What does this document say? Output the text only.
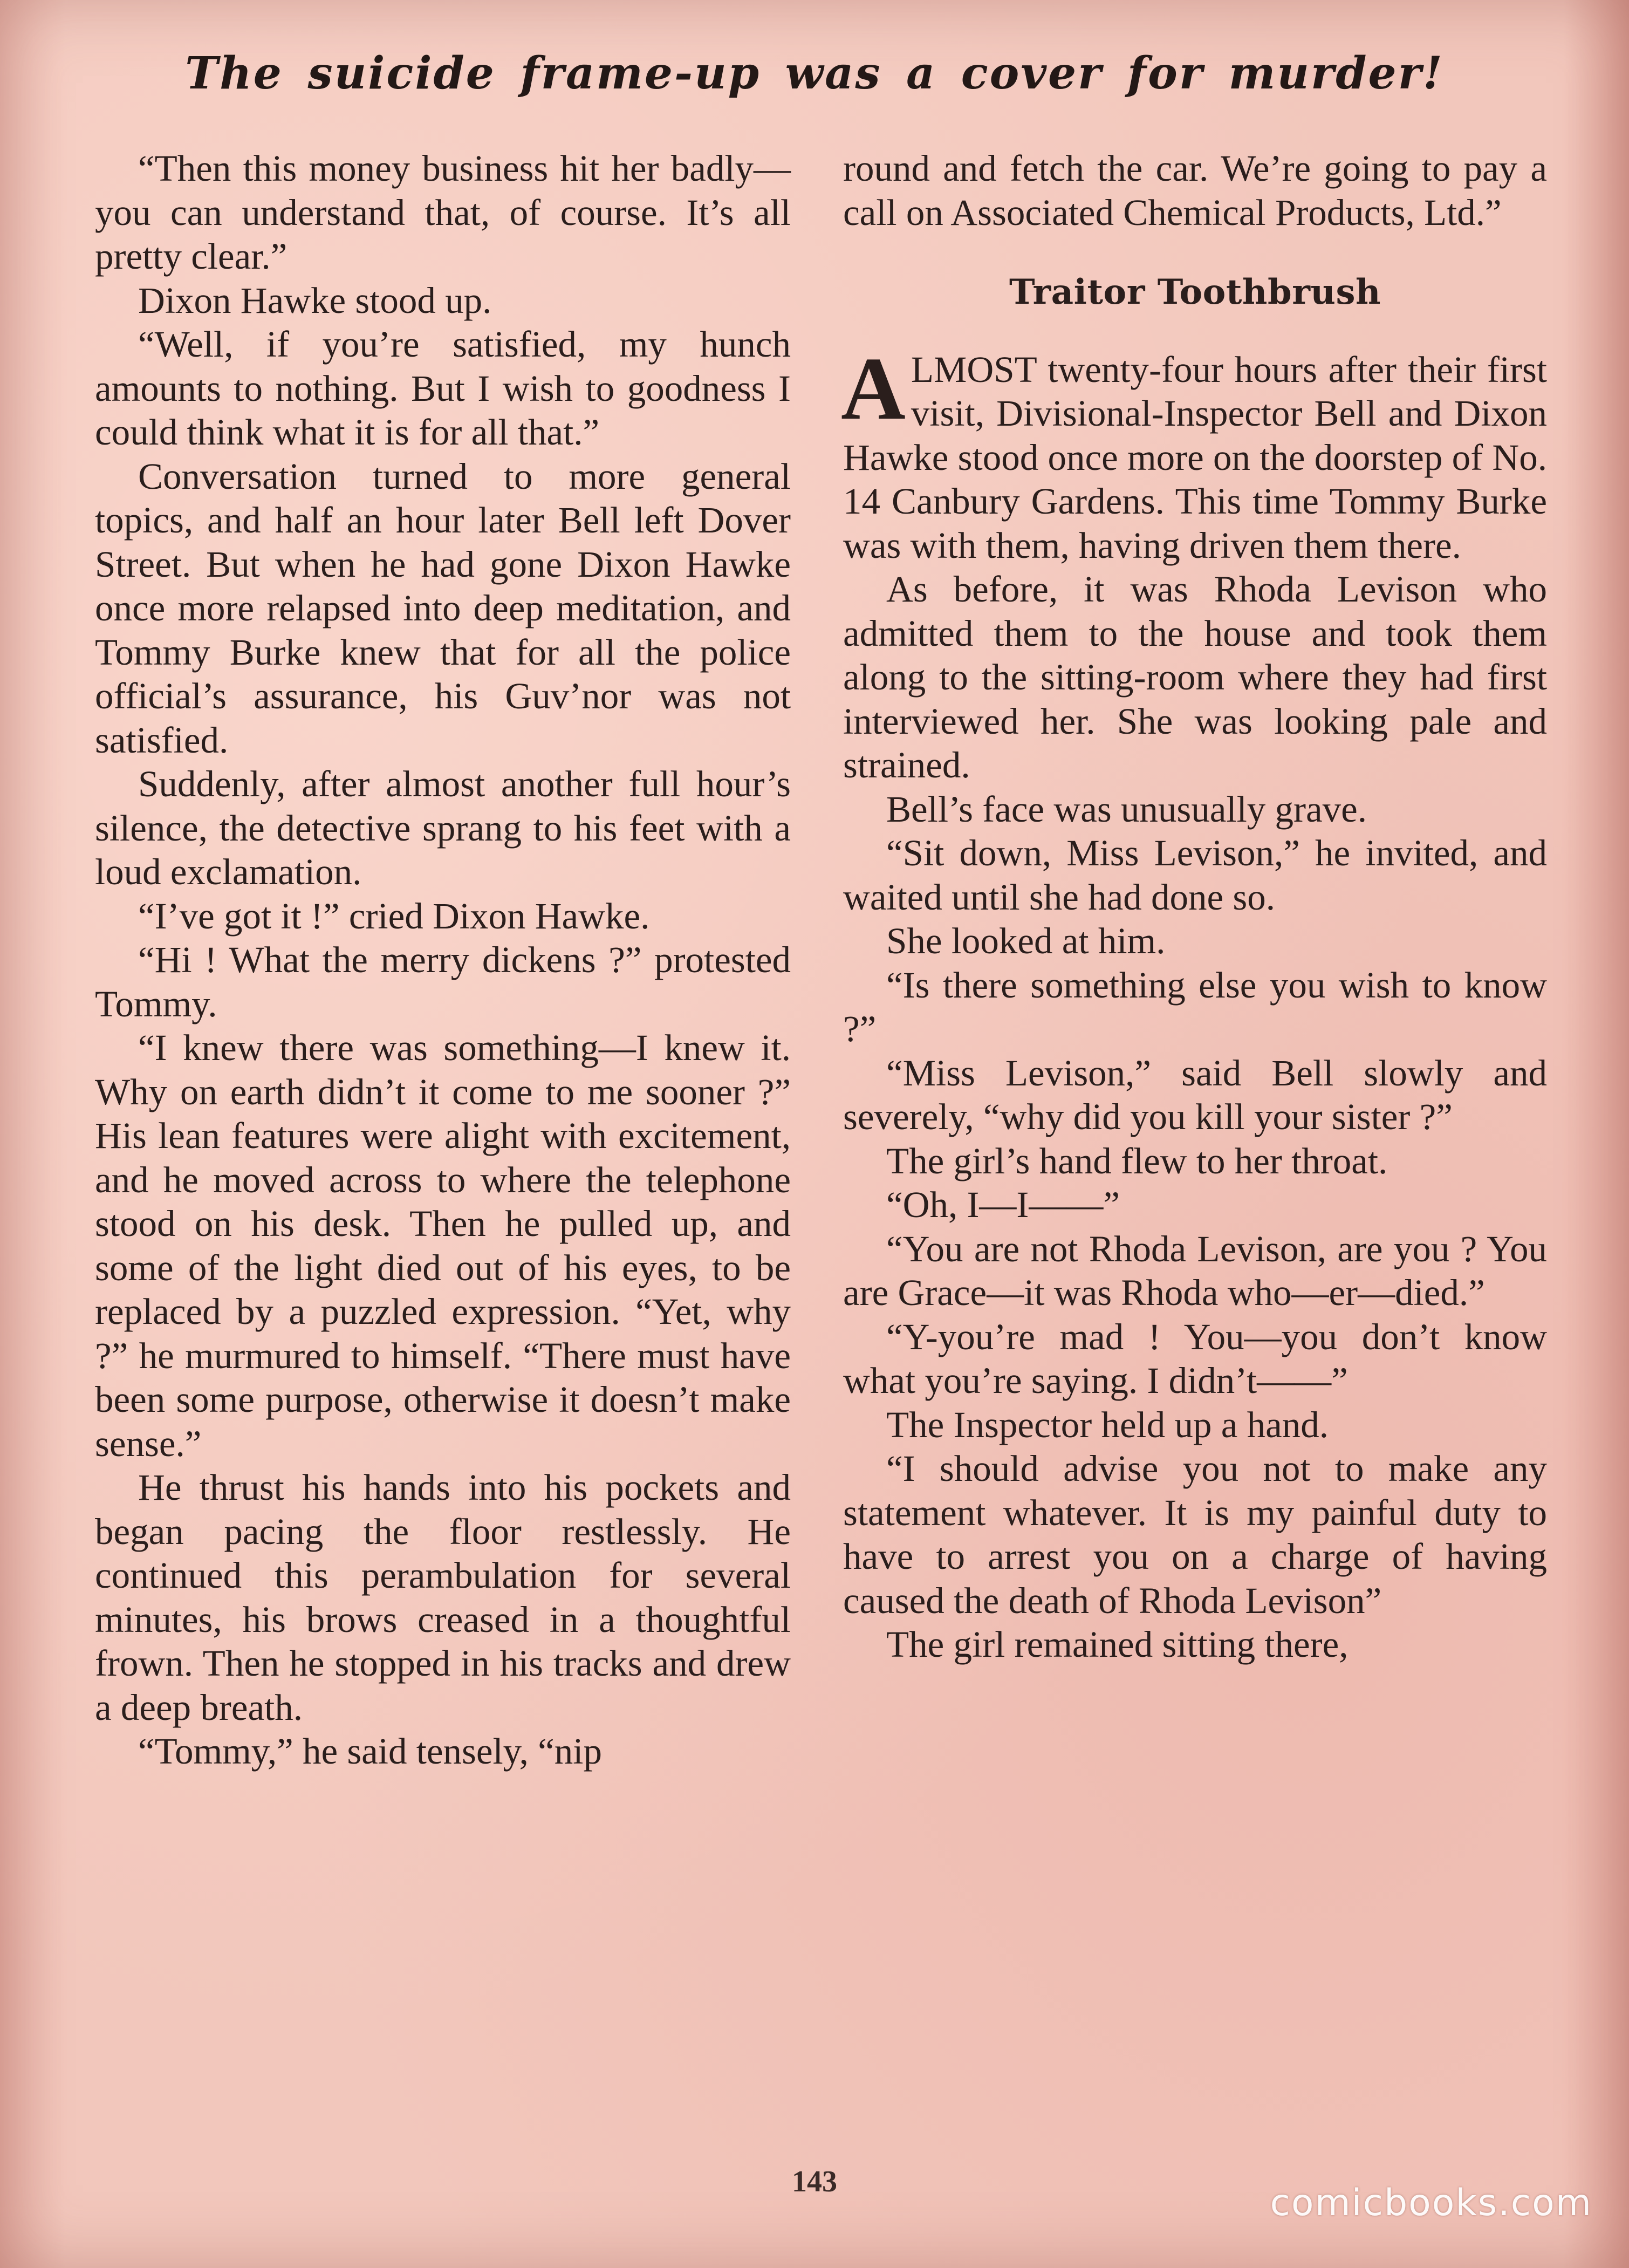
The suicide frame-up was a cover for murder!

“Then this money business hit her badly—you can understand that, of course. It’s all pretty clear.”

Dixon Hawke stood up.

“Well, if you’re satisfied, my hunch amounts to nothing. But I wish to goodness I could think what it is for all that.”

Conversation turned to more general topics, and half an hour later Bell left Dover Street. But when he had gone Dixon Hawke once more relapsed into deep meditation, and Tommy Burke knew that for all the police official’s assurance, his Guv’nor was not satisfied.

Suddenly, after almost another full hour’s silence, the detective sprang to his feet with a loud exclamation.

“I’ve got it !” cried Dixon Hawke.

“Hi ! What the merry dickens ?” protested Tommy.

“I knew there was something—I knew it. Why on earth didn’t it come to me sooner ?” His lean features were alight with excitement, and he moved across to where the telephone stood on his desk. Then he pulled up, and some of the light died out of his eyes, to be replaced by a puzzled expression. “Yet, why ?” he murmured to himself. “There must have been some purpose, otherwise it doesn’t make sense.”

He thrust his hands into his pockets and began pacing the floor restlessly. He continued this perambulation for several minutes, his brows creased in a thoughtful frown. Then he stopped in his tracks and drew a deep breath.

“Tommy,” he said tensely, “nip

round and fetch the car. We’re going to pay a call on Associated Chemical Products, Ltd.”

Traitor Toothbrush

ALMOST twenty-four hours after their first visit, Divisional-Inspector Bell and Dixon Hawke stood once more on the doorstep of No. 14 Canbury Gardens. This time Tommy Burke was with them, having driven them there.

As before, it was Rhoda Levison who admitted them to the house and took them along to the sitting-room where they had first interviewed her. She was looking pale and strained.

Bell’s face was unusually grave.

“Sit down, Miss Levison,” he invited, and waited until she had done so.

She looked at him.

“Is there something else you wish to know ?”

“Miss Levison,” said Bell slowly and severely, “why did you kill your sister ?”

The girl’s hand flew to her throat.

“Oh, I—I——”

“You are not Rhoda Levison, are you ? You are Grace—it was Rhoda who—er—died.”

“Y-you’re mad ! You—you don’t know what you’re saying. I didn’t——”

The Inspector held up a hand.

“I should advise you not to make any statement whatever. It is my painful duty to have to arrest you on a charge of having caused the death of Rhoda Levison”

The girl remained sitting there,

143	comicbooks.com
